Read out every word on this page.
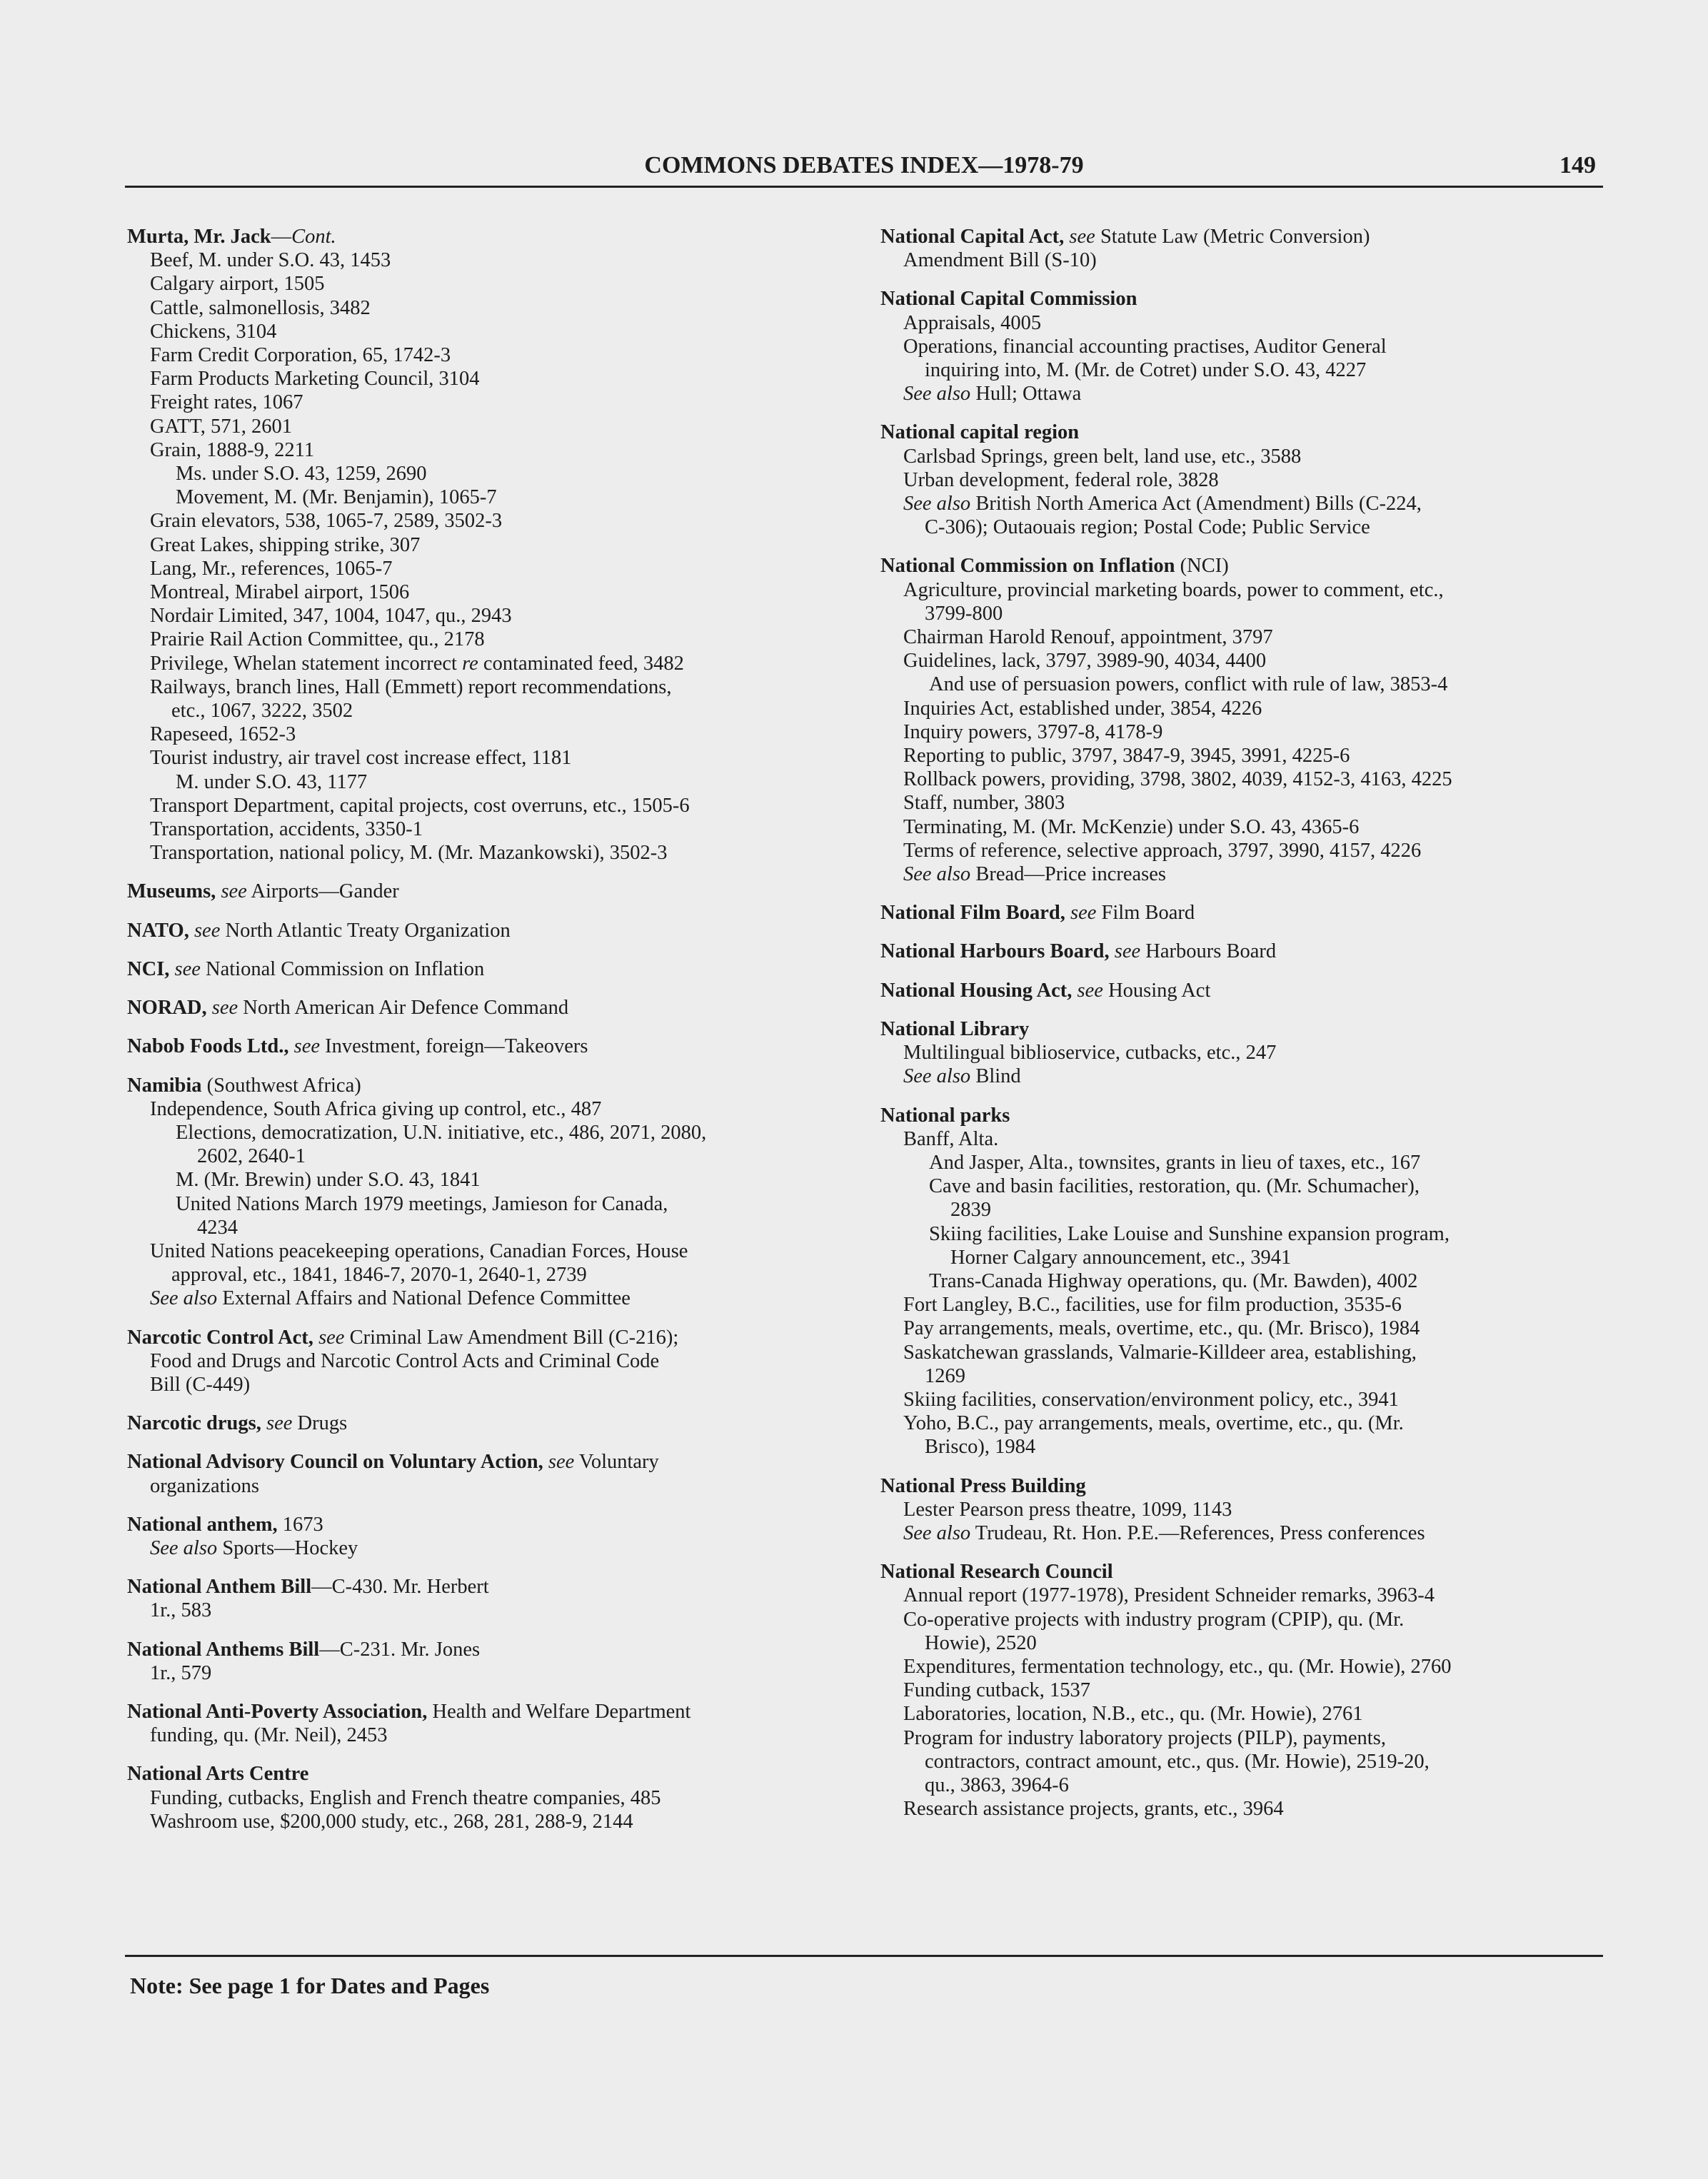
COMMONS DEBATES INDEX—1978-79	149
Murta, Mr. Jack—Cont.
Beef, M. under S.O. 43, 1453
Calgary airport, 1505
Cattle, salmonellosis, 3482
Chickens, 3104
Farm Credit Corporation, 65, 1742-3
Farm Products Marketing Council, 3104
Freight rates, 1067
GATT, 571, 2601
Grain, 1888-9, 2211
Ms. under S.O. 43, 1259, 2690
Movement, M. (Mr. Benjamin), 1065-7
Grain elevators, 538, 1065-7, 2589, 3502-3
Great Lakes, shipping strike, 307
Lang, Mr., references, 1065-7
Montreal, Mirabel airport, 1506
Nordair Limited, 347, 1004, 1047, qu., 2943
Prairie Rail Action Committee, qu., 2178
Privilege, Whelan statement incorrect re contaminated feed, 3482
Railways, branch lines, Hall (Emmett) report recommendations,
etc., 1067, 3222, 3502
Rapeseed, 1652-3
Tourist industry, air travel cost increase effect, 1181
M. under S.O. 43, 1177
Transport Department, capital projects, cost overruns, etc., 1505-6
Transportation, accidents, 3350-1
Transportation, national policy, M. (Mr. Mazankowski), 3502-3
Museums, see Airports—Gander
NATO, see North Atlantic Treaty Organization
NCI, see National Commission on Inflation
NORAD, see North American Air Defence Command
Nabob Foods Ltd., see Investment, foreign—Takeovers
Namibia (Southwest Africa)
Independence, South Africa giving up control, etc., 487
Elections, democratization, U.N. initiative, etc., 486, 2071, 2080,
2602, 2640-1
M. (Mr. Brewin) under S.O. 43, 1841
United Nations March 1979 meetings, Jamieson for Canada,
4234
United Nations peacekeeping operations, Canadian Forces, House
approval, etc., 1841, 1846-7, 2070-1, 2640-1, 2739
See also External Affairs and National Defence Committee
Narcotic Control Act, see Criminal Law Amendment Bill (C-216);
Food and Drugs and Narcotic Control Acts and Criminal Code
Bill (C-449)
Narcotic drugs, see Drugs
National Advisory Council on Voluntary Action, see Voluntary
organizations
National anthem, 1673
See also Sports—Hockey
National Anthem Bill—C-430. Mr. Herbert
1r., 583
National Anthems Bill—C-231. Mr. Jones
1r., 579
National Anti-Poverty Association, Health and Welfare Department
funding, qu. (Mr. Neil), 2453
National Arts Centre
Funding, cutbacks, English and French theatre companies, 485
Washroom use, $200,000 study, etc., 268, 281, 288-9, 2144
National Capital Act, see Statute Law (Metric Conversion)
Amendment Bill (S-10)
National Capital Commission
Appraisals, 4005
Operations, financial accounting practises, Auditor General
inquiring into, M. (Mr. de Cotret) under S.O. 43, 4227
See also Hull; Ottawa
National capital region
Carlsbad Springs, green belt, land use, etc., 3588
Urban development, federal role, 3828
See also British North America Act (Amendment) Bills (C-224,
C-306); Outaouais region; Postal Code; Public Service
National Commission on Inflation (NCI)
Agriculture, provincial marketing boards, power to comment, etc.,
3799-800
Chairman Harold Renouf, appointment, 3797
Guidelines, lack, 3797, 3989-90, 4034, 4400
And use of persuasion powers, conflict with rule of law, 3853-4
Inquiries Act, established under, 3854, 4226
Inquiry powers, 3797-8, 4178-9
Reporting to public, 3797, 3847-9, 3945, 3991, 4225-6
Rollback powers, providing, 3798, 3802, 4039, 4152-3, 4163, 4225
Staff, number, 3803
Terminating, M. (Mr. McKenzie) under S.O. 43, 4365-6
Terms of reference, selective approach, 3797, 3990, 4157, 4226
See also Bread—Price increases
National Film Board, see Film Board
National Harbours Board, see Harbours Board
National Housing Act, see Housing Act
National Library
Multilingual biblioservice, cutbacks, etc., 247
See also Blind
National parks
Banff, Alta.
And Jasper, Alta., townsites, grants in lieu of taxes, etc., 167
Cave and basin facilities, restoration, qu. (Mr. Schumacher),
2839
Skiing facilities, Lake Louise and Sunshine expansion program,
Horner Calgary announcement, etc., 3941
Trans-Canada Highway operations, qu. (Mr. Bawden), 4002
Fort Langley, B.C., facilities, use for film production, 3535-6
Pay arrangements, meals, overtime, etc., qu. (Mr. Brisco), 1984
Saskatchewan grasslands, Valmarie-Killdeer area, establishing,
1269
Skiing facilities, conservation/environment policy, etc., 3941
Yoho, B.C., pay arrangements, meals, overtime, etc., qu. (Mr.
Brisco), 1984
National Press Building
Lester Pearson press theatre, 1099, 1143
See also Trudeau, Rt. Hon. P.E.—References, Press conferences
National Research Council
Annual report (1977-1978), President Schneider remarks, 3963-4
Co-operative projects with industry program (CPIP), qu. (Mr.
Howie), 2520
Expenditures, fermentation technology, etc., qu. (Mr. Howie), 2760
Funding cutback, 1537
Laboratories, location, N.B., etc., qu. (Mr. Howie), 2761
Program for industry laboratory projects (PILP), payments,
contractors, contract amount, etc., qus. (Mr. Howie), 2519-20,
qu., 3863, 3964-6
Research assistance projects, grants, etc., 3964
Note: See page 1 for Dates and Pages
